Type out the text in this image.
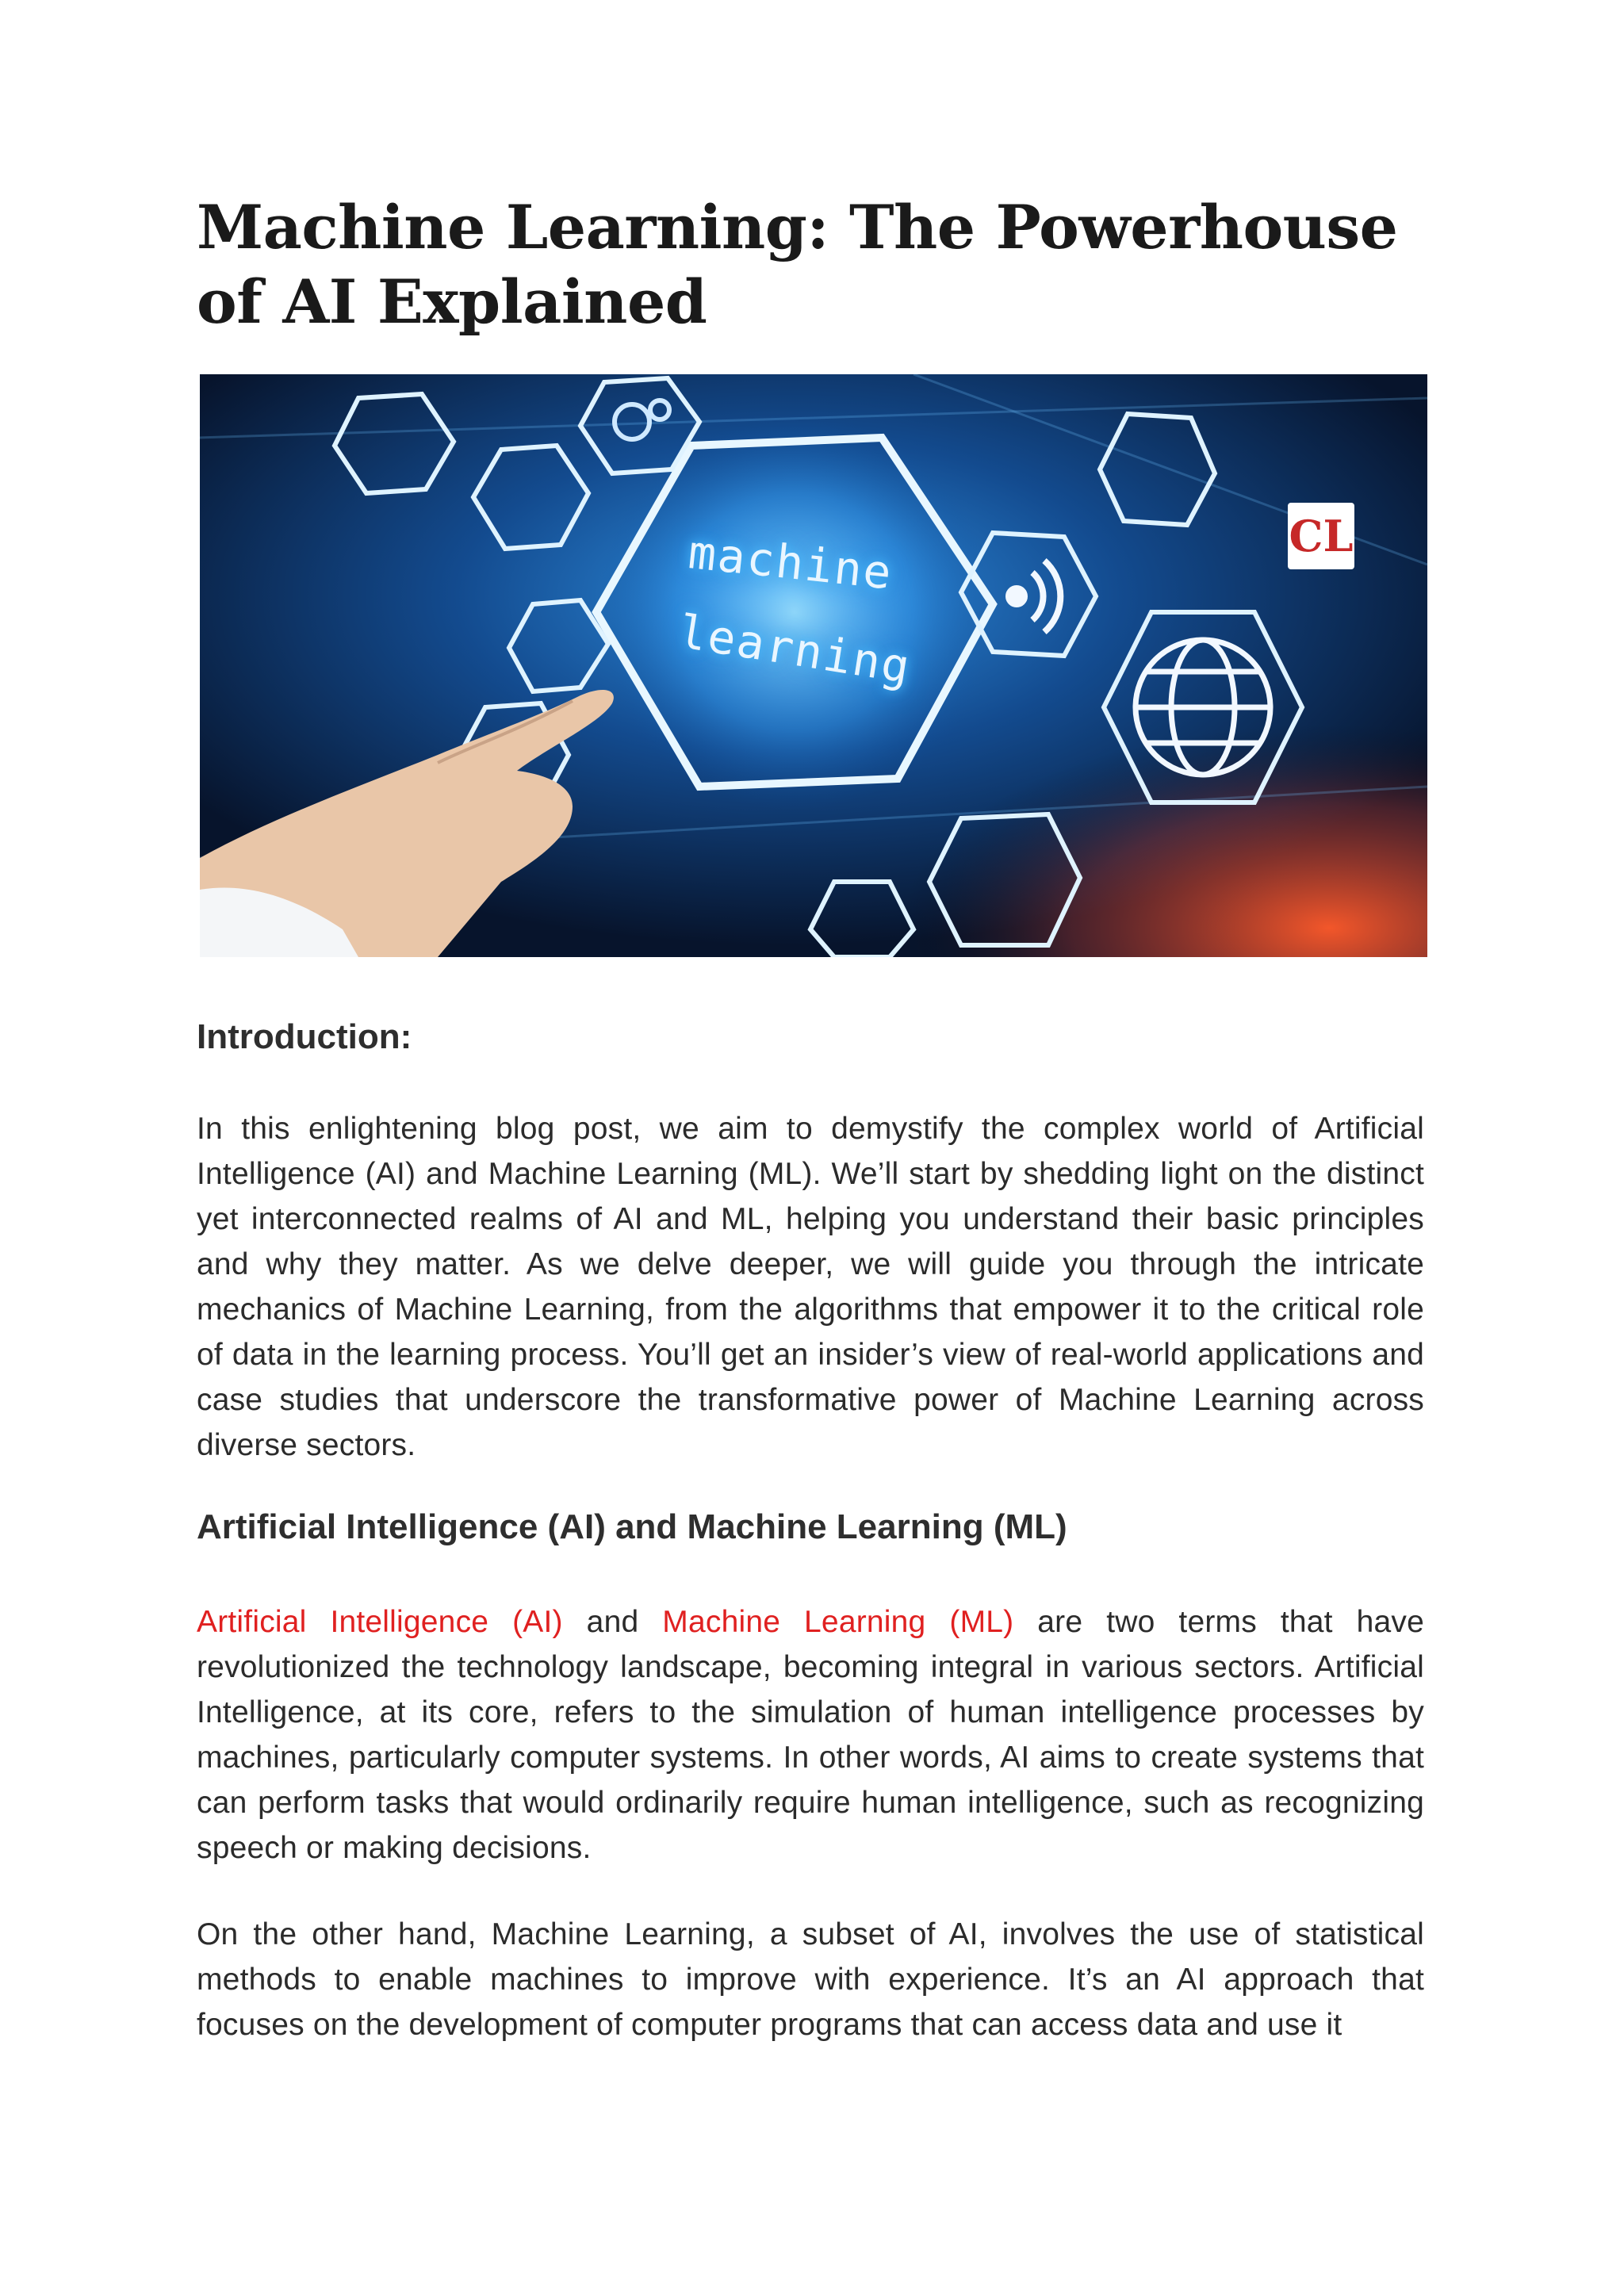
Machine Learning: The Powerhouse of AI Explained
machine
learning
CL
Introduction:

In this enlightening blog post, we aim to demystify the complex world of Artificial Intelligence (AI) and Machine Learning (ML). We’ll start by shedding light on the distinct yet interconnected realms of AI and ML, helping you understand their basic principles and why they matter. As we delve deeper, we will guide you through the intricate mechanics of Machine Learning, from the algorithms that empower it to the critical role of data in the learning process. You’ll get an insider’s view of real-world applications and case studies that underscore the transformative power of Machine Learning across diverse sectors.

Artificial Intelligence (AI) and Machine Learning (ML)

Artificial Intelligence (AI) and Machine Learning (ML) are two terms that have revolutionized the technology landscape, becoming integral in various sectors. Artificial Intelligence, at its core, refers to the simulation of human intelligence processes by machines, particularly computer systems. In other words, AI aims to create systems that can perform tasks that would ordinarily require human intelligence, such as recognizing speech or making decisions.

On the other hand, Machine Learning, a subset of AI, involves the use of statistical methods to enable machines to improve with experience. It’s an AI approach that focuses on the development of computer programs that can access data and use it
